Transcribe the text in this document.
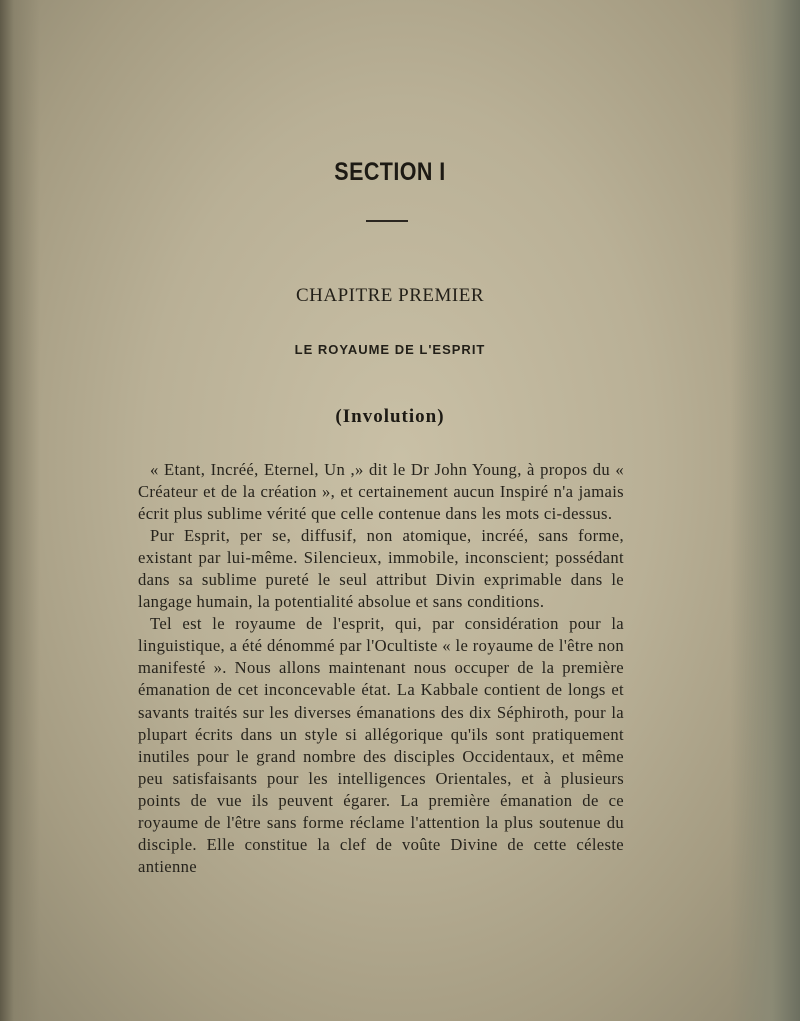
SECTION I
CHAPITRE PREMIER
LE ROYAUME DE L'ESPRIT
(Involution)

« Etant, Incréé, Eternel, Un ,» dit le Dr John Young, à propos du « Créateur et de la création », et certainement aucun Inspiré n'a jamais écrit plus sublime vérité que celle contenue dans les mots ci-dessus.

Pur Esprit, per se, diffusif, non atomique, incréé, sans forme, existant par lui-même. Silencieux, immobile, inconscient; possédant dans sa sublime pureté le seul attribut Divin exprimable dans le langage humain, la potentialité absolue et sans conditions.

Tel est le royaume de l'esprit, qui, par considération pour la linguistique, a été dénommé par l'Ocultiste « le royaume de l'être non manifesté ». Nous allons maintenant nous occuper de la première émanation de cet inconcevable état. La Kabbale contient de longs et savants traités sur les diverses émanations des dix Séphiroth, pour la plupart écrits dans un style si allégorique qu'ils sont pratiquement inutiles pour le grand nombre des disciples Occidentaux, et même peu satisfaisants pour les intelligences Orientales, et à plusieurs points de vue ils peuvent égarer. La première émanation de ce royaume de l'être sans forme réclame l'attention la plus soutenue du disciple. Elle constitue la clef de voûte Divine de cette céleste antienne
